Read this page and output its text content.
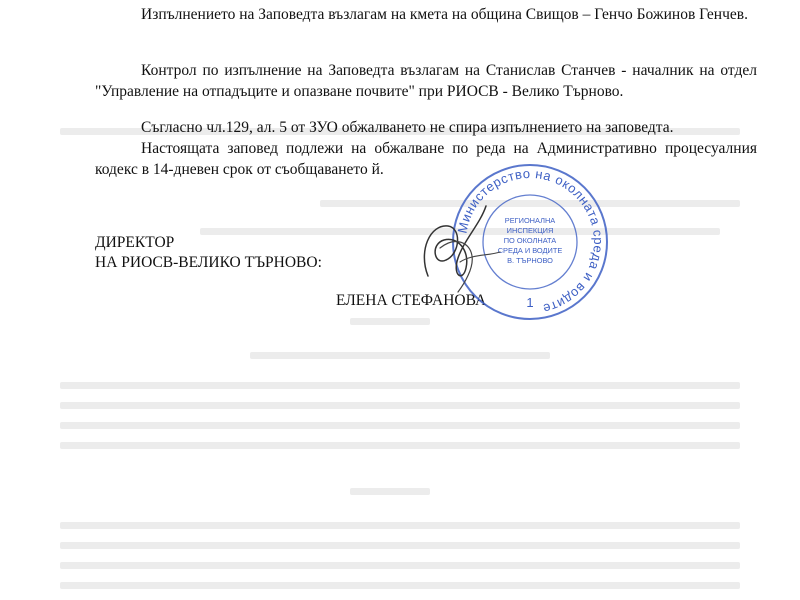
Изпълнението на Заповедта възлагам на кмета на община Свищов – Генчо Божинов Генчев.
Контрол по изпълнение на Заповедта възлагам на Станислав Станчев - началник на отдел "Управление на отпадъците и опазване почвите" при РИОСВ - Велико Търново.
Съгласно чл.129, ал. 5 от ЗУО обжалването не спира изпълнението на заповедта.
Настоящата заповед подлежи на обжалване по реда на Административно процесуалния кодекс в 14-дневен срок от съобщаването й.
ДИРЕКТОР
НА РИОСВ-ВЕЛИКО ТЪРНОВО:
ЕЛЕНА СТЕФАНОВА
Министерство на околната среда и водите
1
РЕГИОНАЛНА
ИНСПЕКЦИЯ
ПО ОКОЛНАТА
СРЕДА И ВОДИТЕ
В. ТЪРНОВО
